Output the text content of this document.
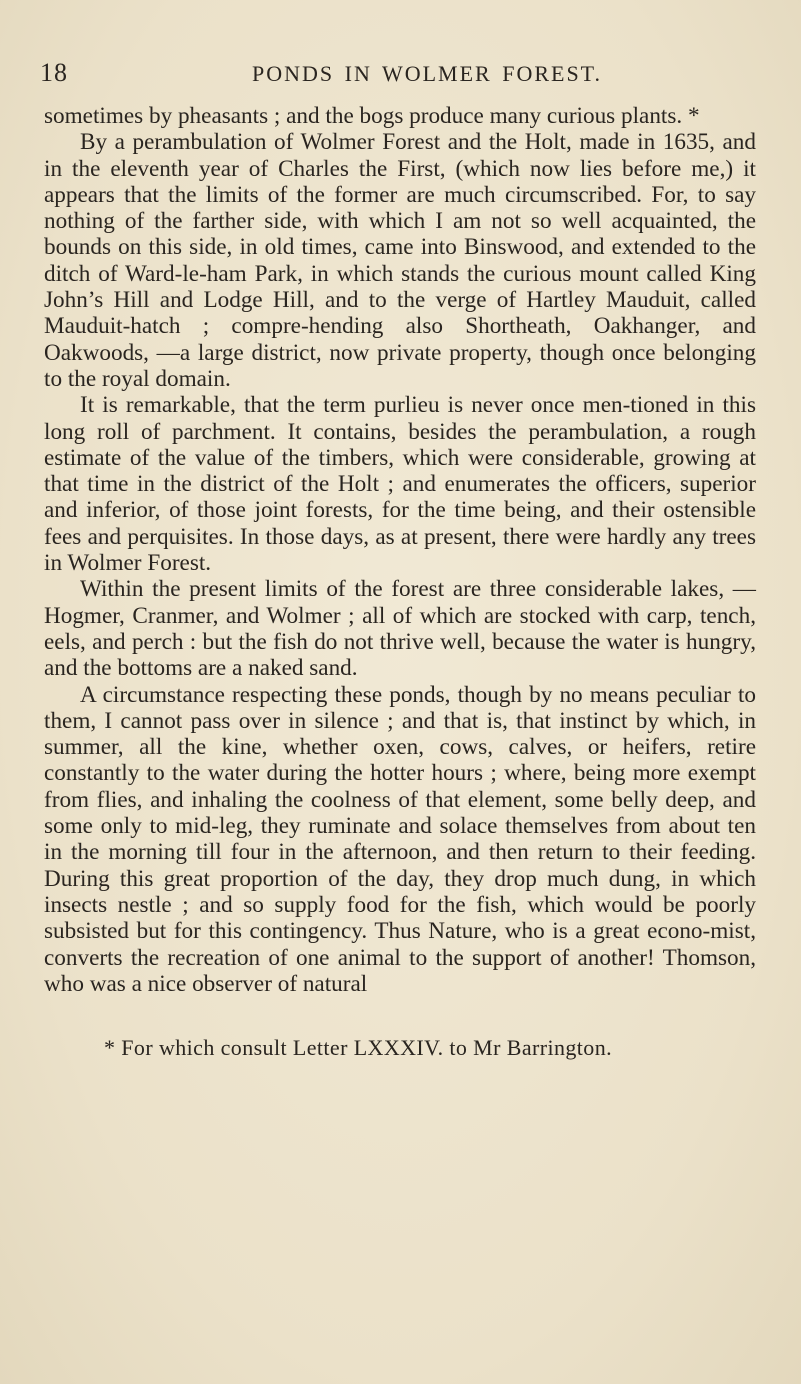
18	PONDS IN WOLMER FOREST.

sometimes by pheasants ; and the bogs produce many curious plants. *

By a perambulation of Wolmer Forest and the Holt, made in 1635, and in the eleventh year of Charles the First, (which now lies before me,) it appears that the limits of the former are much circumscribed. For, to say nothing of the farther side, with which I am not so well acquainted, the bounds on this side, in old times, came into Binswood, and extended to the ditch of Ward-le-ham Park, in which stands the curious mount called King John’s Hill and Lodge Hill, and to the verge of Hartley Mauduit, called Mauduit-hatch ; compre-hending also Shortheath, Oakhanger, and Oakwoods, —a large district, now private property, though once belonging to the royal domain.

It is remarkable, that the term purlieu is never once men-tioned in this long roll of parchment. It contains, besides the perambulation, a rough estimate of the value of the timbers, which were considerable, growing at that time in the district of the Holt ; and enumerates the officers, superior and inferior, of those joint forests, for the time being, and their ostensible fees and perquisites. In those days, as at present, there were hardly any trees in Wolmer Forest.

Within the present limits of the forest are three considerable lakes, — Hogmer, Cranmer, and Wolmer ; all of which are stocked with carp, tench, eels, and perch : but the fish do not thrive well, because the water is hungry, and the bottoms are a naked sand.

A circumstance respecting these ponds, though by no means peculiar to them, I cannot pass over in silence ; and that is, that instinct by which, in summer, all the kine, whether oxen, cows, calves, or heifers, retire constantly to the water during the hotter hours ; where, being more exempt from flies, and inhaling the coolness of that element, some belly deep, and some only to mid-leg, they ruminate and solace themselves from about ten in the morning till four in the afternoon, and then return to their feeding. During this great proportion of the day, they drop much dung, in which insects nestle ; and so supply food for the fish, which would be poorly subsisted but for this contingency. Thus Nature, who is a great econo-mist, converts the recreation of one animal to the support of another! Thomson, who was a nice observer of natural

* For which consult Letter LXXXIV. to Mr Barrington.
